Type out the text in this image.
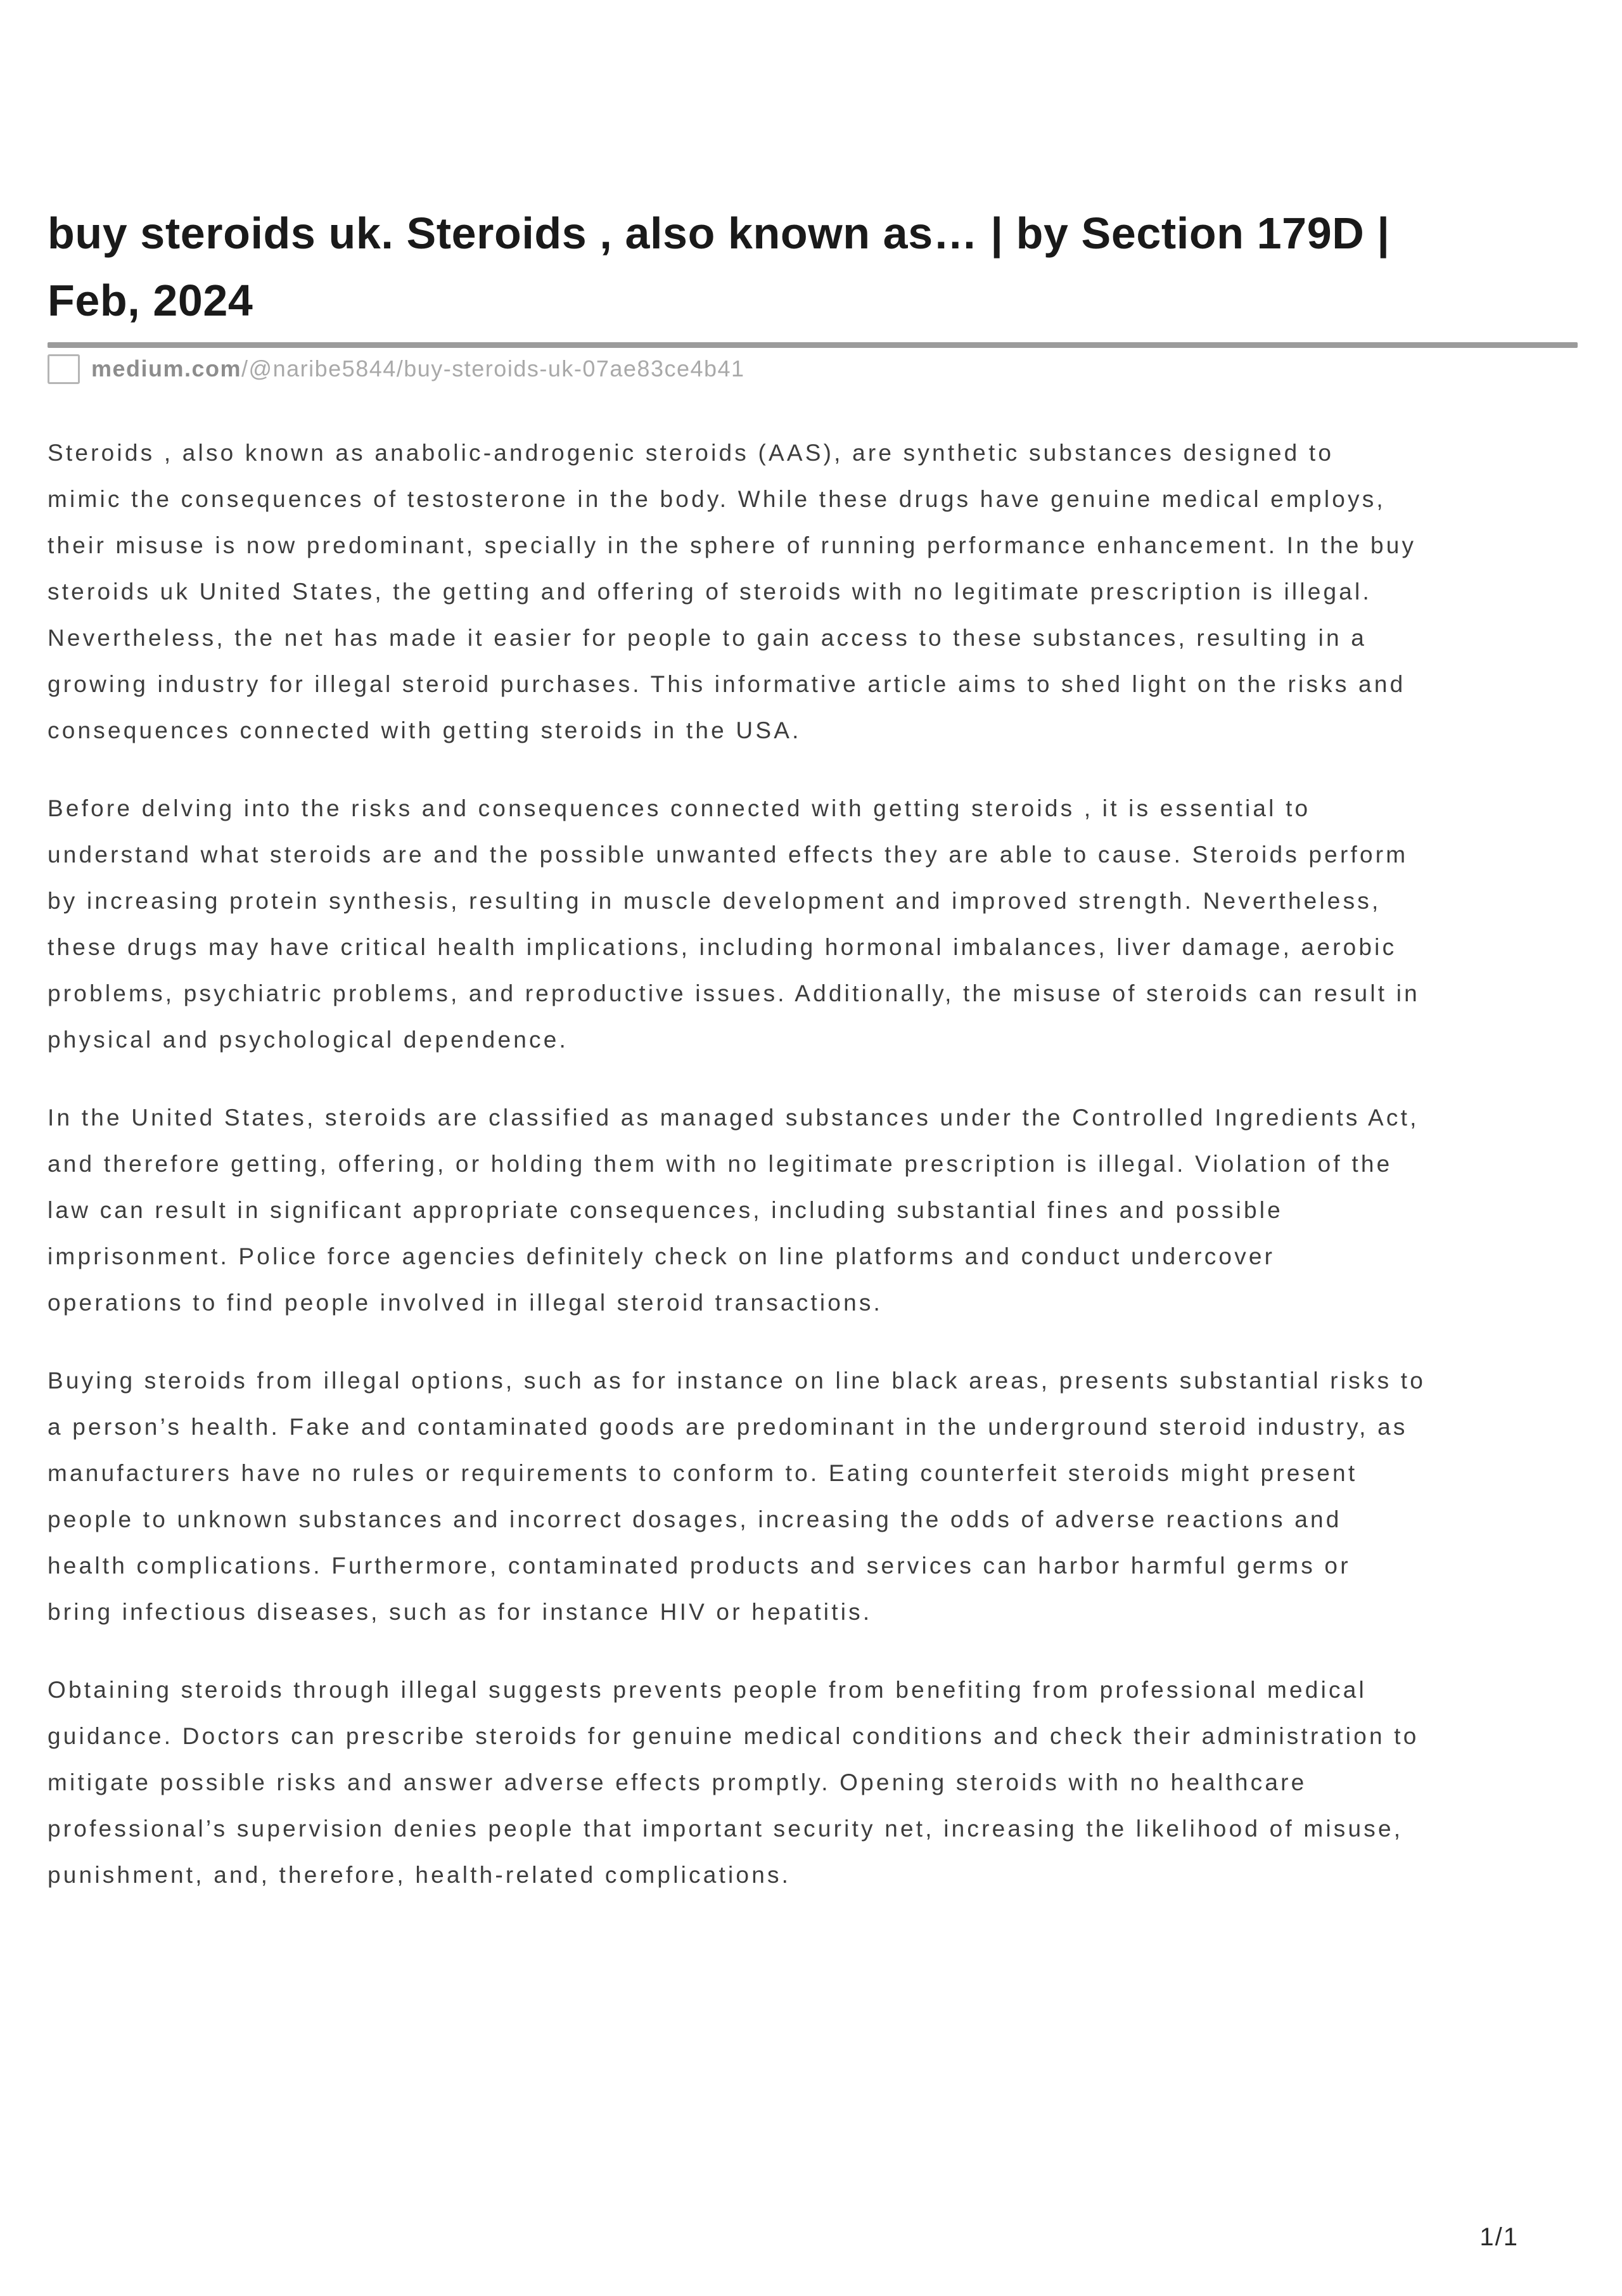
buy steroids uk. Steroids , also known as… | by Section 179D |
Feb, 2024
medium.com/@naribe5844/buy-steroids-uk-07ae83ce4b41
Steroids , also known as anabolic-androgenic steroids (AAS), are synthetic substances designed to
mimic the consequences of testosterone in the body. While these drugs have genuine medical employs,
their misuse is now predominant, specially in the sphere of running performance enhancement. In the buy
steroids uk United States, the getting and offering of steroids with no legitimate prescription is illegal.
Nevertheless, the net has made it easier for people to gain access to these substances, resulting in a
growing industry for illegal steroid purchases. This informative article aims to shed light on the risks and
consequences connected with getting steroids in the USA.
Before delving into the risks and consequences connected with getting steroids , it is essential to
understand what steroids are and the possible unwanted effects they are able to cause. Steroids perform
by increasing protein synthesis, resulting in muscle development and improved strength. Nevertheless,
these drugs may have critical health implications, including hormonal imbalances, liver damage, aerobic
problems, psychiatric problems, and reproductive issues. Additionally, the misuse of steroids can result in
physical and psychological dependence.
In the United States, steroids are classified as managed substances under the Controlled Ingredients Act,
and therefore getting, offering, or holding them with no legitimate prescription is illegal. Violation of the
law can result in significant appropriate consequences, including substantial fines and possible
imprisonment. Police force agencies definitely check on line platforms and conduct undercover
operations to find people involved in illegal steroid transactions.
Buying steroids from illegal options, such as for instance on line black areas, presents substantial risks to
a person’s health. Fake and contaminated goods are predominant in the underground steroid industry, as
manufacturers have no rules or requirements to conform to. Eating counterfeit steroids might present
people to unknown substances and incorrect dosages, increasing the odds of adverse reactions and
health complications. Furthermore, contaminated products and services can harbor harmful germs or
bring infectious diseases, such as for instance HIV or hepatitis.
Obtaining steroids through illegal suggests prevents people from benefiting from professional medical
guidance. Doctors can prescribe steroids for genuine medical conditions and check their administration to
mitigate possible risks and answer adverse effects promptly. Opening steroids with no healthcare
professional’s supervision denies people that important security net, increasing the likelihood of misuse,
punishment, and, therefore, health-related complications.
1/1
